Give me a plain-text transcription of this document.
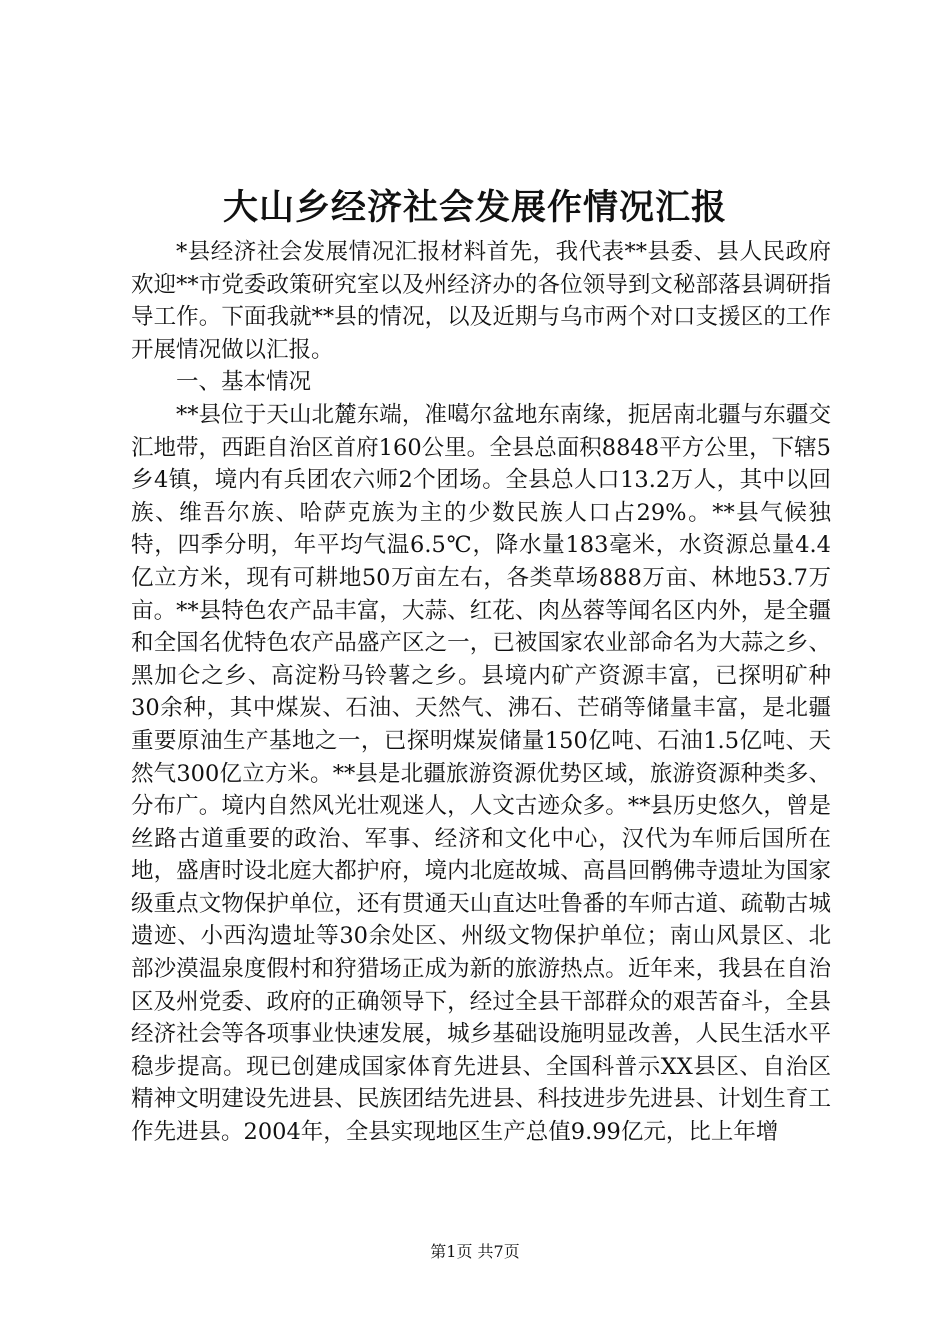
大山乡经济社会发展作情况汇报

*县经济社会发展情况汇报材料首先，我代表**县委、县人民政府欢迎**市党委政策研究室以及州经济办的各位领导到文秘部落县调研指导工作。下面我就**县的情况，以及近期与乌市两个对口支援区的工作开展情况做以汇报。

一、基本情况

**县位于天山北麓东端，准噶尔盆地东南缘，扼居南北疆与东疆交汇地带，西距自治区首府160公里。全县总面积8848平方公里，下辖5乡4镇，境内有兵团农六师2个团场。全县总人口13.2万人，其中以回族、维吾尔族、哈萨克族为主的少数民族人口占29%。**县气候独特，四季分明，年平均气温6.5℃，降水量183毫米，水资源总量4.4亿立方米，现有可耕地50万亩左右，各类草场888万亩、林地53.7万亩。**县特色农产品丰富，大蒜、红花、肉丛蓉等闻名区内外，是全疆和全国名优特色农产品盛产区之一，已被国家农业部命名为大蒜之乡、黑加仑之乡、高淀粉马铃薯之乡。县境内矿产资源丰富，已探明矿种30余种，其中煤炭、石油、天然气、沸石、芒硝等储量丰富，是北疆重要原油生产基地之一，已探明煤炭储量150亿吨、石油1.5亿吨、天然气300亿立方米。**县是北疆旅游资源优势区域，旅游资源种类多、分布广。境内自然风光壮观迷人，人文古迹众多。**县历史悠久，曾是丝路古道重要的政治、军事、经济和文化中心，汉代为车师后国所在地，盛唐时设北庭大都护府，境内北庭故城、高昌回鹘佛寺遗址为国家级重点文物保护单位，还有贯通天山直达吐鲁番的车师古道、疏勒古城遗迹、小西沟遗址等30余处区、州级文物保护单位；南山风景区、北部沙漠温泉度假村和狩猎场正成为新的旅游热点。近年来，我县在自治区及州党委、政府的正确领导下，经过全县干部群众的艰苦奋斗，全县经济社会等各项事业快速发展，城乡基础设施明显改善，人民生活水平稳步提高。现已创建成国家体育先进县、全国科普示XX县区、自治区精神文明建设先进县、民族团结先进县、科技进步先进县、计划生育工作先进县。2004年，全县实现地区生产总值9.99亿元，比上年增

第1页 共7页
